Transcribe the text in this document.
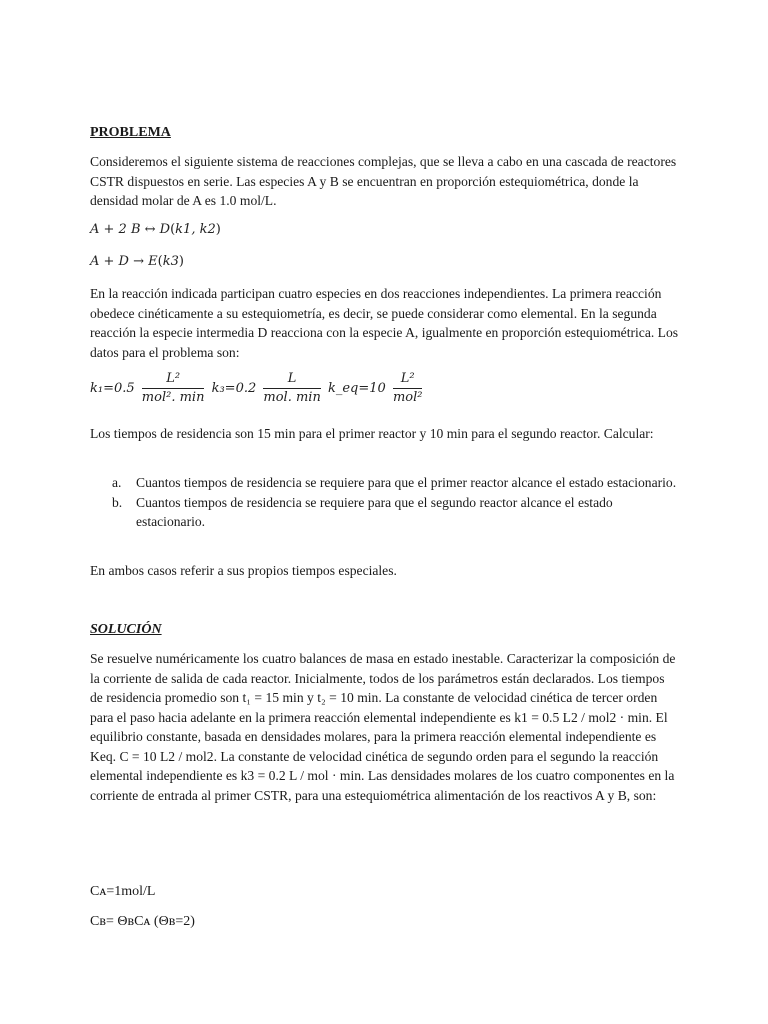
PROBLEMA
Consideremos el siguiente sistema de reacciones complejas, que se lleva a cabo en una cascada de reactores CSTR dispuestos en serie. Las especies A y B se encuentran en proporción estequiométrica, donde la densidad molar de A es 1.0 mol/L.
A + 2 B ↔ D(k1, k2)
A + D → E(k3)
En la reacción indicada participan cuatro especies en dos reacciones independientes. La primera reacción obedece cinéticamente a su estequiometría, es decir, se puede considerar como elemental. En la segunda reacción la especie intermedia D reacciona con la especie A, igualmente en proporción estequiométrica. Los datos para el problema son:
$k_1=0.5 \frac{\text{L²}}{\text{mol². min}} k_3=0.2 \frac{L}{\text{mol. min}}$ k_eq=10 $\frac{\text{L²}}{\text{mol²}}$
Los tiempos de residencia son 15 min para el primer reactor y 10 min para el segundo reactor. Calcular:
a. Cuantos tiempos de residencia se requiere para que el primer reactor alcance el estado estacionario.
b. Cuantos tiempos de residencia se requiere para que el segundo reactor alcance el estado estacionario.
En ambos casos referir a sus propios tiempos especiales.
SOLUCIÓN
Se resuelve numéricamente los cuatro balances de masa en estado inestable. Caracterizar la composición de la corriente de salida de cada reactor. Inicialmente, todos de los parámetros están declarados. Los tiempos de residencia promedio son t₁ = 15 min y t₂ = 10 min. La constante de velocidad cinética de tercer orden para el paso hacia adelante en la primera reacción elemental independiente es k1 = 0.5 L2 / mol2 · min. El equilibrio constante, basada en densidades molares, para la primera reacción elemental independiente es Keq. C = 10 L2 / mol2. La constante de velocidad cinética de segundo orden para el segundo la reacción elemental independiente es k3 = 0.2 L / mol · min. Las densidades molares de los cuatro componentes en la corriente de entrada al primer CSTR, para una estequiométrica alimentación de los reactivos A y B, son:
Cᴀ=1mol/L
Cʙ= ΘʙCᴀ (Θʙ=2)
